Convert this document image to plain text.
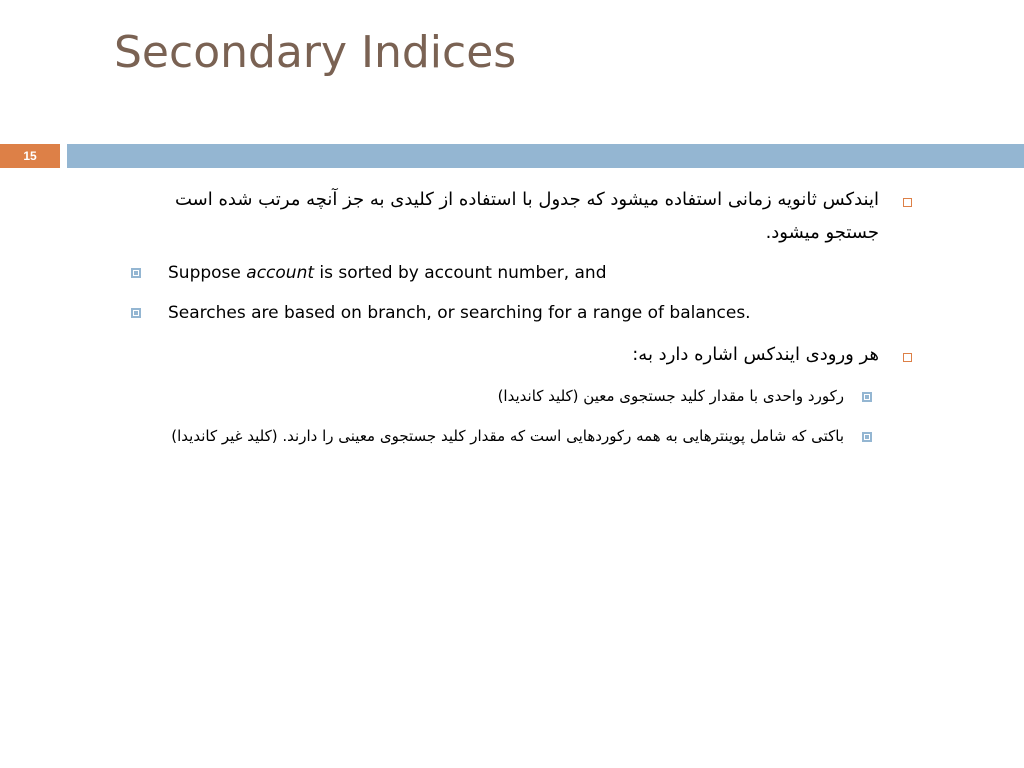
Secondary Indices
15

ایندکس ثانویه زمانی استفاده میشود که جدول با استفاده از کلیدی به جز آنچه مرتب شده است

جستجو میشود.

Suppose account is sorted by account number, and

Searches are based on branch, or searching for a range of balances.

هر ورودی ایندکس اشاره دارد به:

رکورد واحدی با مقدار کلید جستجوی معین (کلید کاندیدا)

باکتی که شامل پوینترهایی به همه رکوردهایی است که مقدار کلید جستجوی معینی را دارند. (کلید غیر کاندیدا)
